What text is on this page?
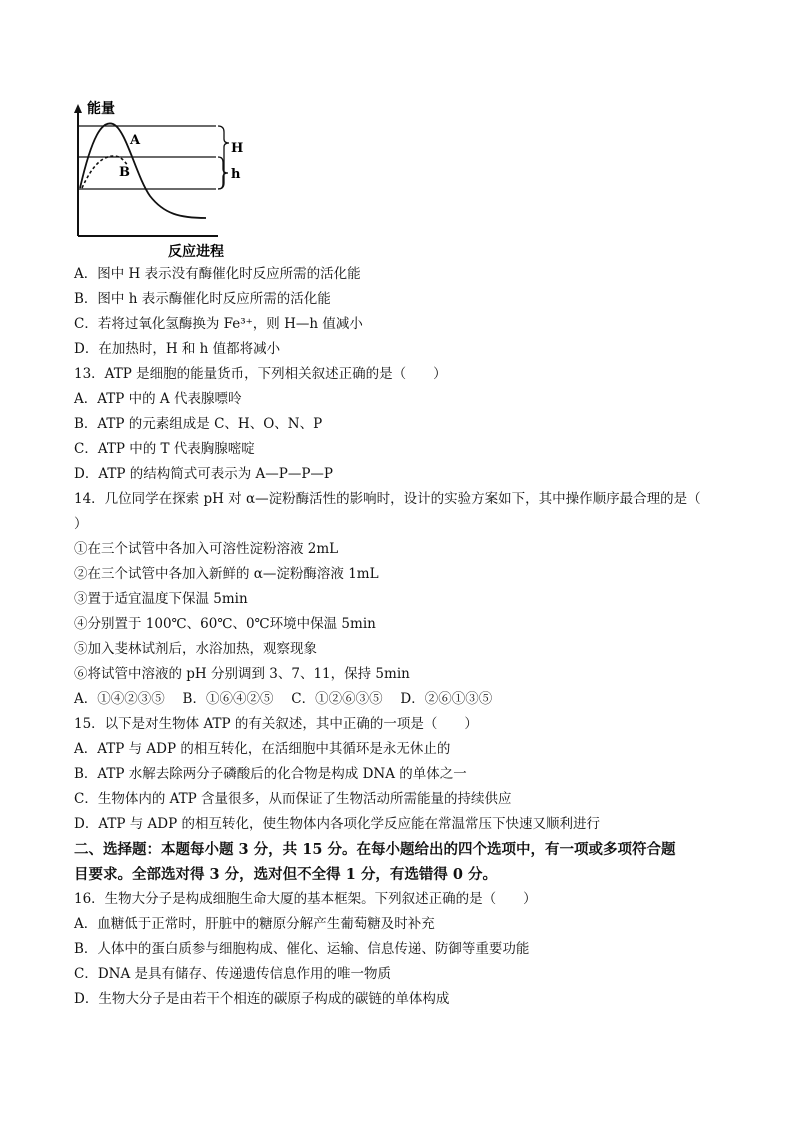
能量
A
B
H
h
反应进程
A．图中 H 表示没有酶催化时反应所需的活化能
B．图中 h 表示酶催化时反应所需的活化能
C．若将过氧化氢酶换为 Fe³⁺，则 H—h 值减小
D．在加热时，H 和 h 值都将减小
13．ATP 是细胞的能量货币，下列相关叙述正确的是（　　）
A．ATP 中的 A 代表腺嘌呤
B．ATP 的元素组成是 C、H、O、N、P
C．ATP 中的 T 代表胸腺嘧啶
D．ATP 的结构简式可表示为 A—P—P—P
14．几位同学在探索 pH 对 α—淀粉酶活性的影响时，设计的实验方案如下，其中操作顺序最合理的是（
）
①在三个试管中各加入可溶性淀粉溶液 2mL
②在三个试管中各加入新鲜的 α—淀粉酶溶液 1mL
③置于适宜温度下保温 5min
④分别置于 100℃、60℃、0℃环境中保温 5min
⑤加入斐林试剂后，水浴加热，观察现象
⑥将试管中溶液的 pH 分别调到 3、7、11，保持 5min
A．①④②③⑤　 B．①⑥④②⑤　 C．①②⑥③⑤　 D．②⑥①③⑤
15．以下是对生物体 ATP 的有关叙述，其中正确的一项是（　　）
A．ATP 与 ADP 的相互转化，在活细胞中其循环是永无休止的
B．ATP 水解去除两分子磷酸后的化合物是构成 DNA 的单体之一
C．生物体内的 ATP 含量很多，从而保证了生物活动所需能量的持续供应
D．ATP 与 ADP 的相互转化，使生物体内各项化学反应能在常温常压下快速又顺利进行
二、选择题：本题每小题 3 分，共 15 分。在每小题给出的四个选项中，有一项或多项符合题
目要求。全部选对得 3 分，选对但不全得 1 分，有选错得 0 分。
16．生物大分子是构成细胞生命大厦的基本框架。下列叙述正确的是（　　）
A．血糖低于正常时，肝脏中的糖原分解产生葡萄糖及时补充
B．人体中的蛋白质参与细胞构成、催化、运输、信息传递、防御等重要功能
C．DNA 是具有储存、传递遗传信息作用的唯一物质
D．生物大分子是由若干个相连的碳原子构成的碳链的单体构成
